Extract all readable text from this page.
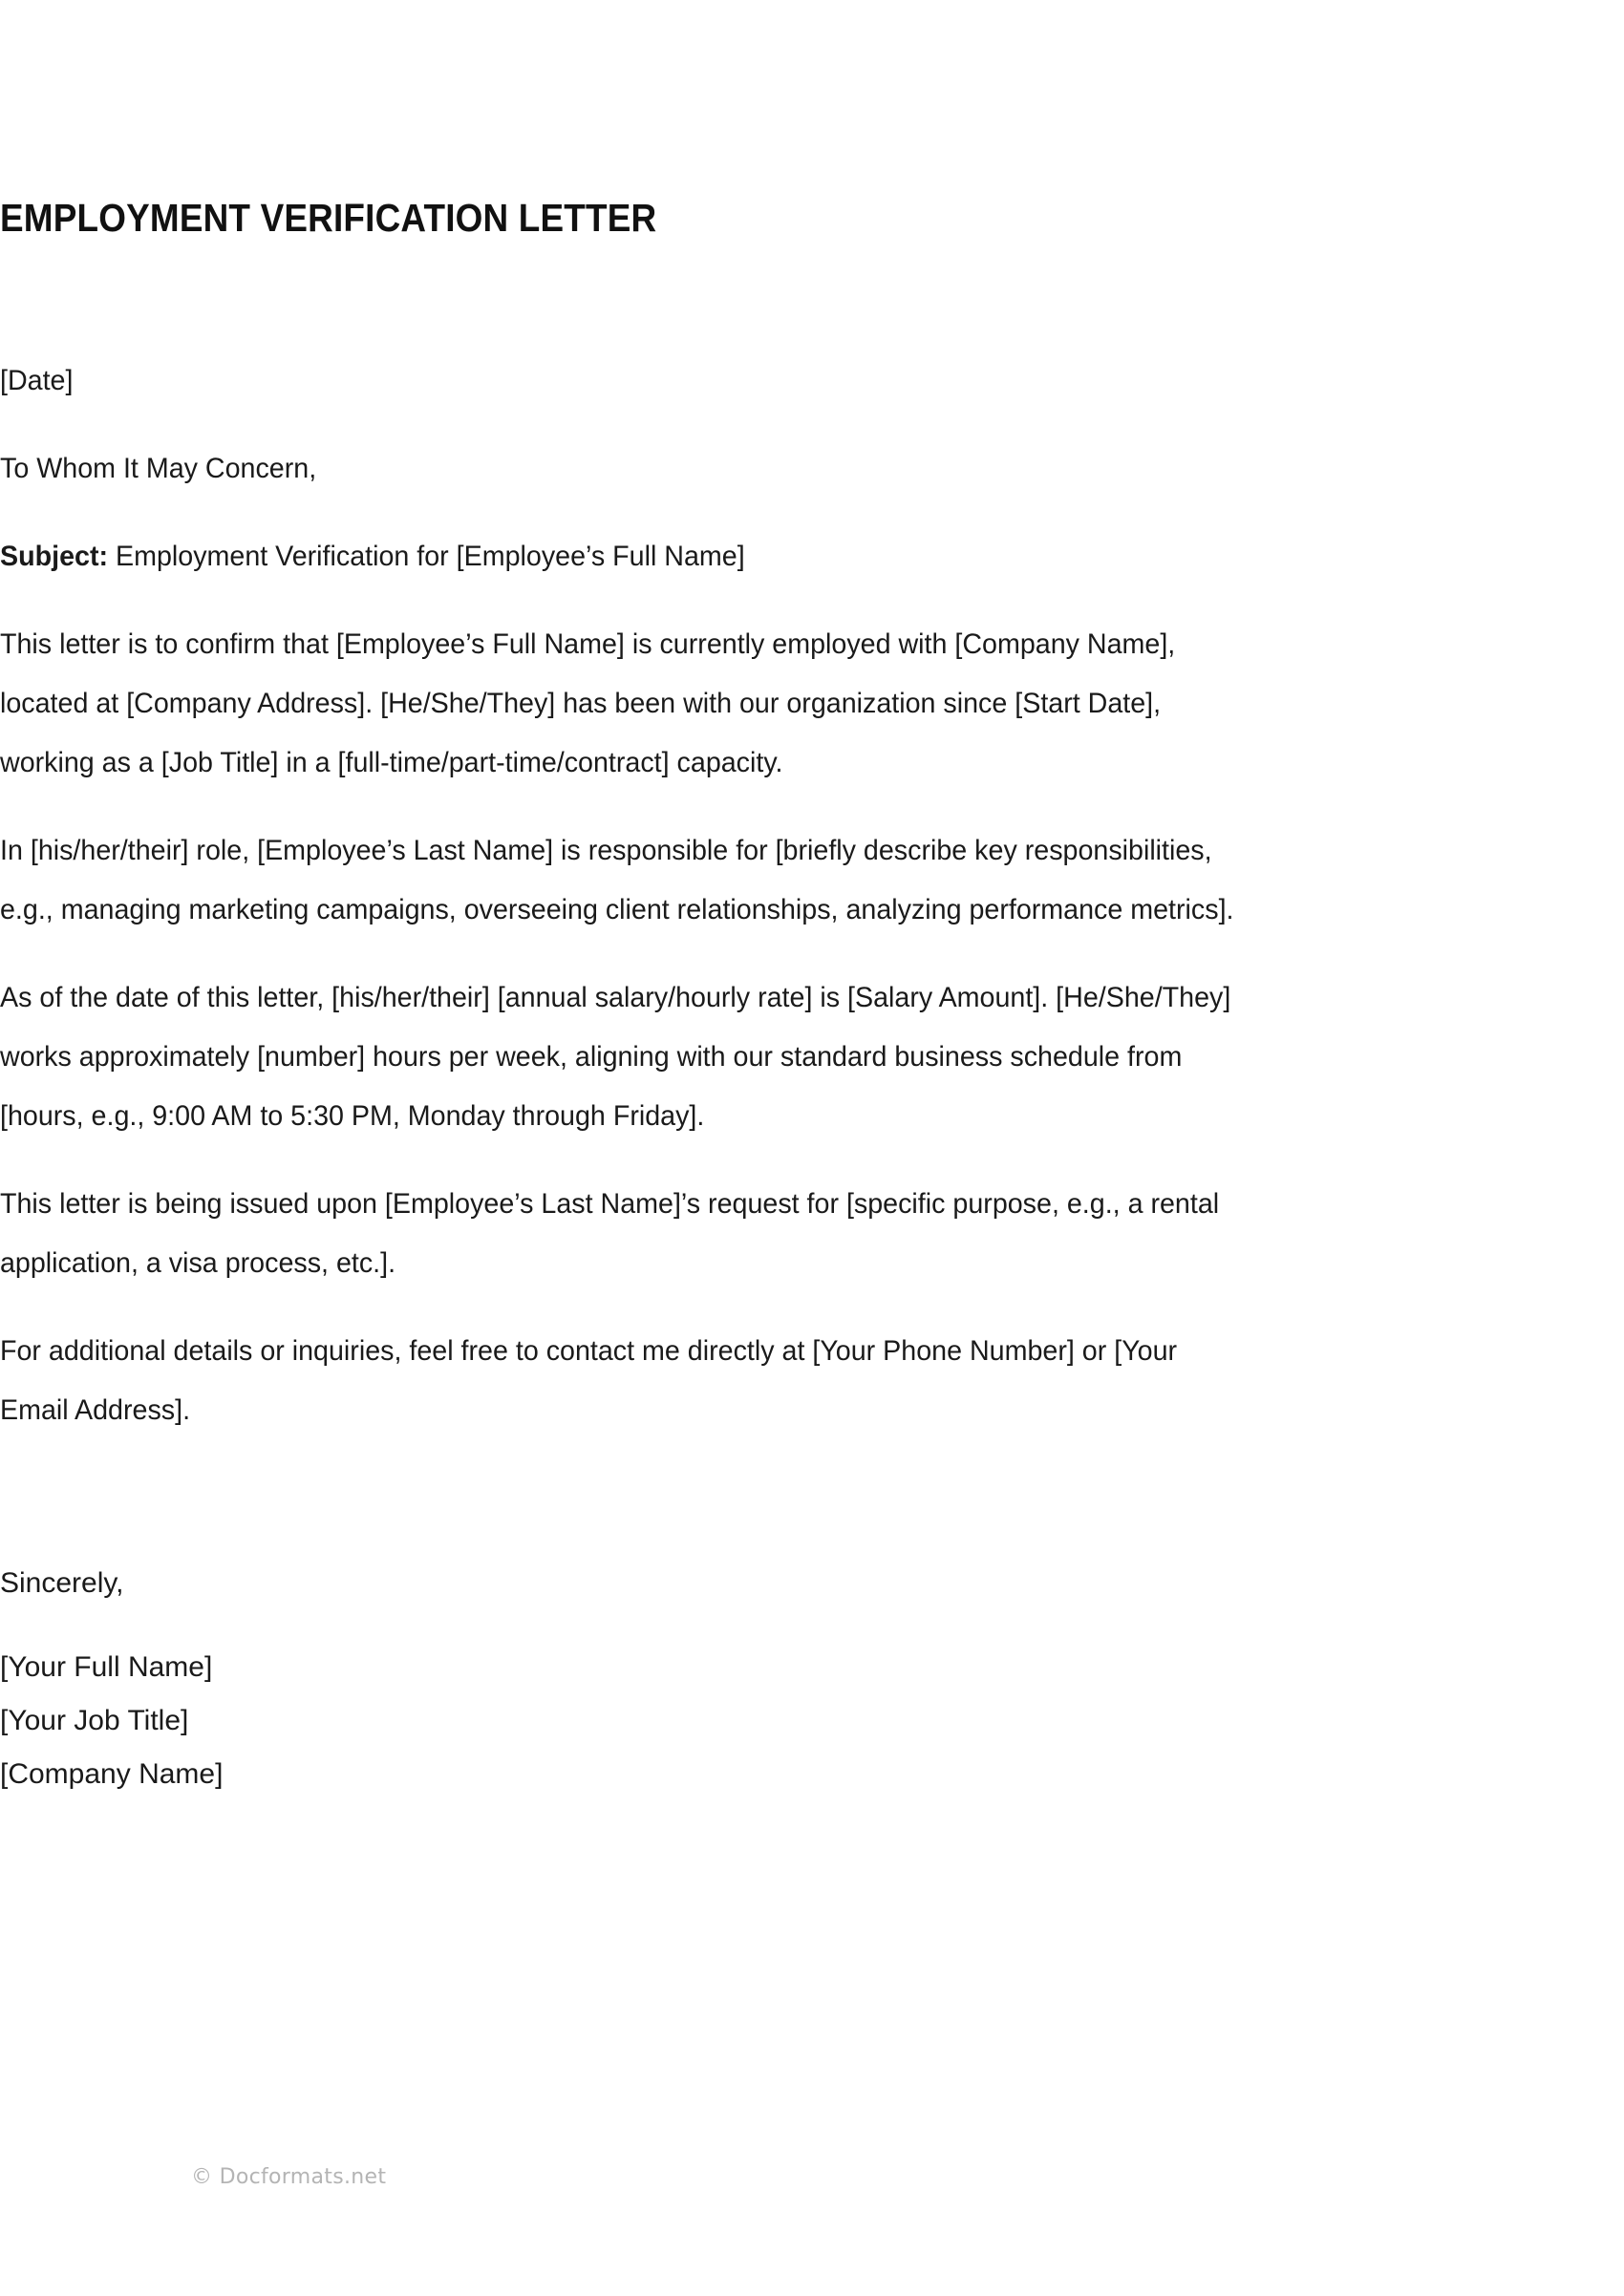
EMPLOYMENT VERIFICATION LETTER

[Date]

To Whom It May Concern,

Subject: Employment Verification for [Employee’s Full Name]

This letter is to confirm that [Employee’s Full Name] is currently employed with [Company Name], located at [Company Address]. [He/She/They] has been with our organization since [Start Date], working as a [Job Title] in a [full-time/part-time/contract] capacity.

In [his/her/their] role, [Employee’s Last Name] is responsible for [briefly describe key responsibilities, e.g., managing marketing campaigns, overseeing client relationships, analyzing performance metrics].

As of the date of this letter, [his/her/their] [annual salary/hourly rate] is [Salary Amount]. [He/She/They] works approximately [number] hours per week, aligning with our standard business schedule from [hours, e.g., 9:00 AM to 5:30 PM, Monday through Friday].

This letter is being issued upon [Employee’s Last Name]’s request for [specific purpose, e.g., a rental application, a visa process, etc.].

For additional details or inquiries, feel free to contact me directly at [Your Phone Number] or [Your Email Address].

Sincerely,

[Your Full Name]

[Your Job Title]

[Company Name]

© Docformats.net
